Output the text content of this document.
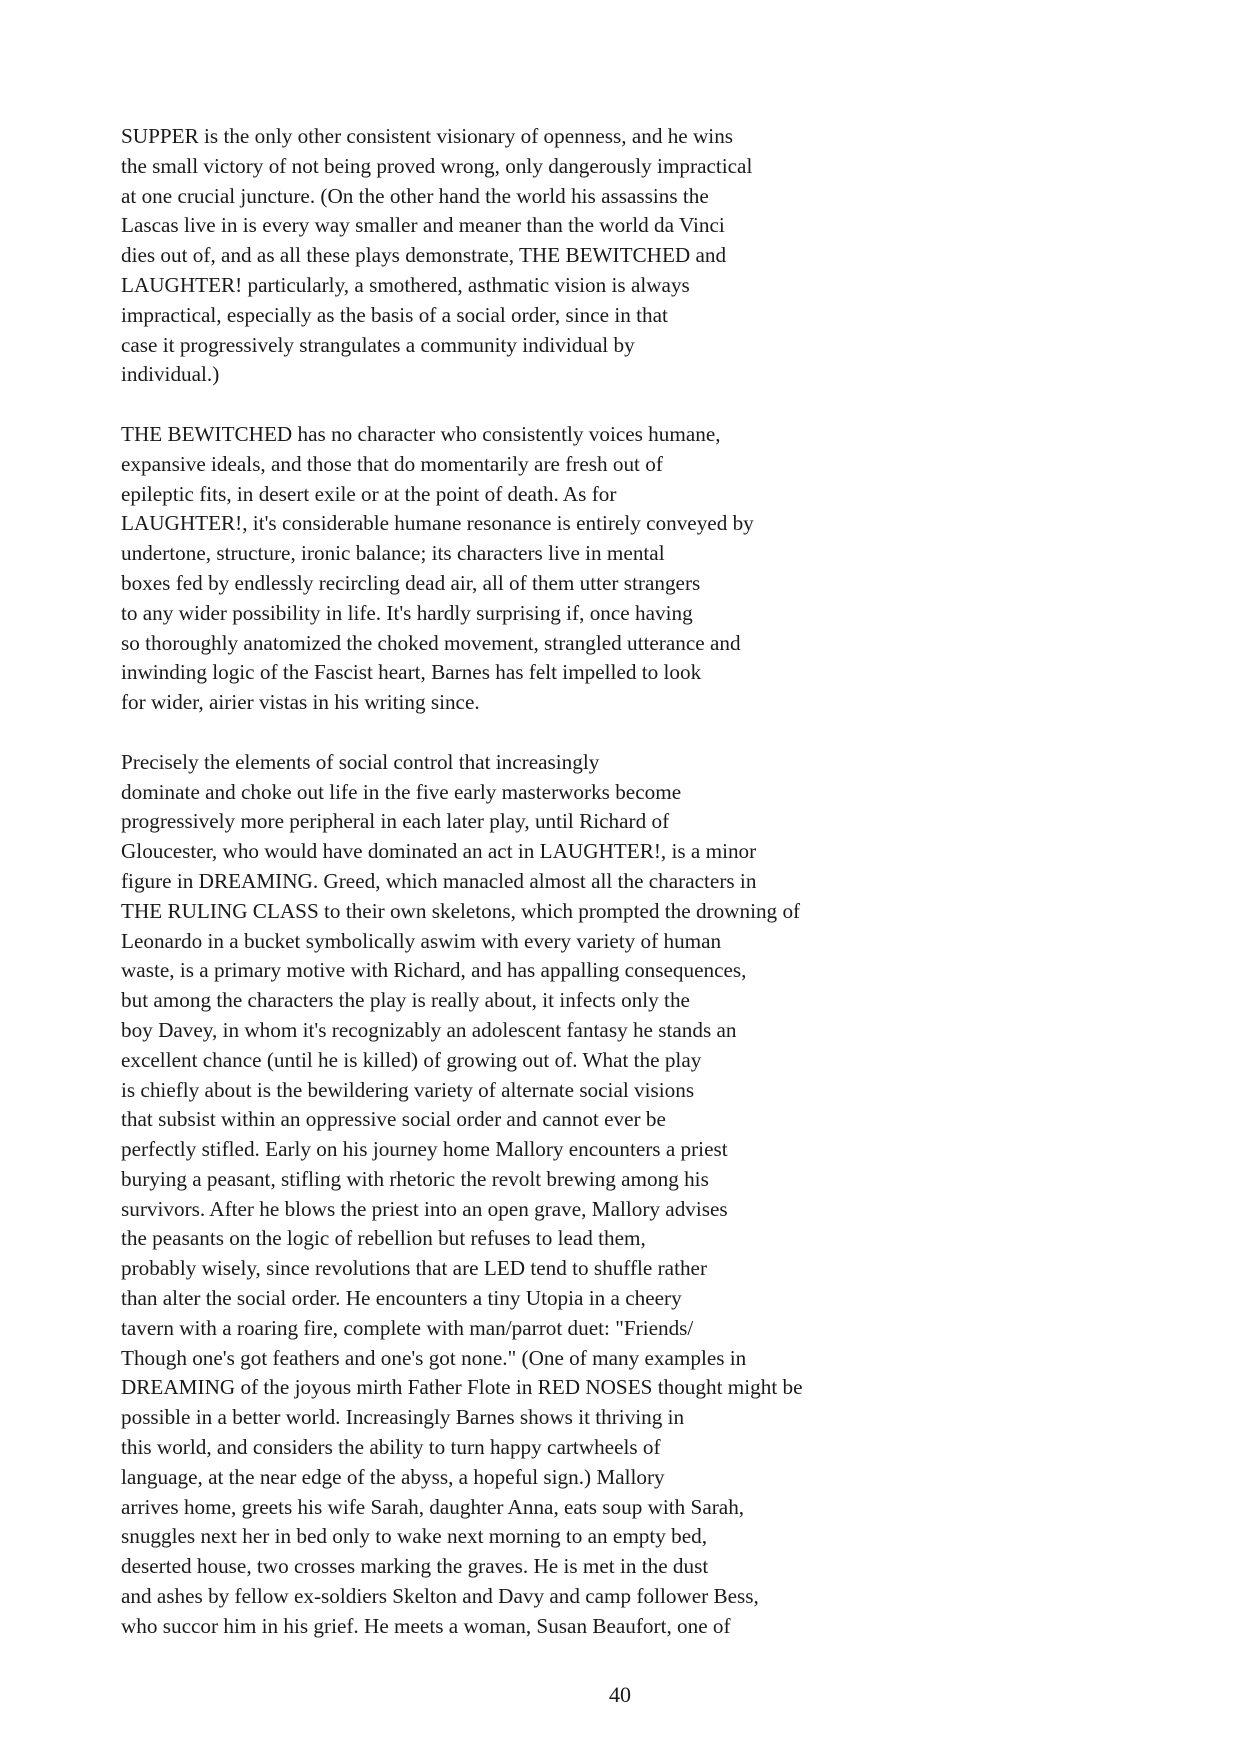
SUPPER is the only other consistent visionary of openness, and he wins
the small victory of not being proved wrong, only dangerously impractical
at one crucial juncture. (On the other hand the world his assassins the
Lascas live in is every way smaller and meaner than the world da Vinci
dies out of, and as all these plays demonstrate, THE BEWITCHED and
LAUGHTER! particularly, a smothered, asthmatic vision is always
impractical, especially as the basis of a social order, since in that
case it progressively strangulates a community individual by
individual.)
THE BEWITCHED has no character who consistently voices humane,
expansive ideals, and those that do momentarily are fresh out of
epileptic fits, in desert exile or at the point of death. As for
LAUGHTER!, it's considerable humane resonance is entirely conveyed by
undertone, structure, ironic balance; its characters live in mental
boxes fed by endlessly recircling dead air, all of them utter strangers
to any wider possibility in life. It's hardly surprising if, once having
so thoroughly anatomized the choked movement, strangled utterance and
inwinding logic of the Fascist heart, Barnes has felt impelled to look
for wider, airier vistas in his writing since.
Precisely the elements of social control that increasingly
dominate and choke out life in the five early masterworks become
progressively more peripheral in each later play, until Richard of
Gloucester, who would have dominated an act in LAUGHTER!, is a minor
figure in DREAMING. Greed, which manacled almost all the characters in
THE RULING CLASS to their own skeletons, which prompted the drowning of
Leonardo in a bucket symbolically aswim with every variety of human
waste, is a primary motive with Richard, and has appalling consequences,
but among the characters the play is really about, it infects only the
boy Davey, in whom it's recognizably an adolescent fantasy he stands an
excellent chance (until he is killed) of growing out of. What the play
is chiefly about is the bewildering variety of alternate social visions
that subsist within an oppressive social order and cannot ever be
perfectly stifled. Early on his journey home Mallory encounters a priest
burying a peasant, stifling with rhetoric the revolt brewing among his
survivors. After he blows the priest into an open grave, Mallory advises
the peasants on the logic of rebellion but refuses to lead them,
probably wisely, since revolutions that are LED tend to shuffle rather
than alter the social order. He encounters a tiny Utopia in a cheery
tavern with a roaring fire, complete with man/parrot duet: "Friends/
Though one's got feathers and one's got none." (One of many examples in
DREAMING of the joyous mirth Father Flote in RED NOSES thought might be
possible in a better world. Increasingly Barnes shows it thriving in
this world, and considers the ability to turn happy cartwheels of
language, at the near edge of the abyss, a hopeful sign.) Mallory
arrives home, greets his wife Sarah, daughter Anna, eats soup with Sarah,
snuggles next her in bed only to wake next morning to an empty bed,
deserted house, two crosses marking the graves. He is met in the dust
and ashes by fellow ex-soldiers Skelton and Davy and camp follower Bess,
who succor him in his grief. He meets a woman, Susan Beaufort, one of
40
